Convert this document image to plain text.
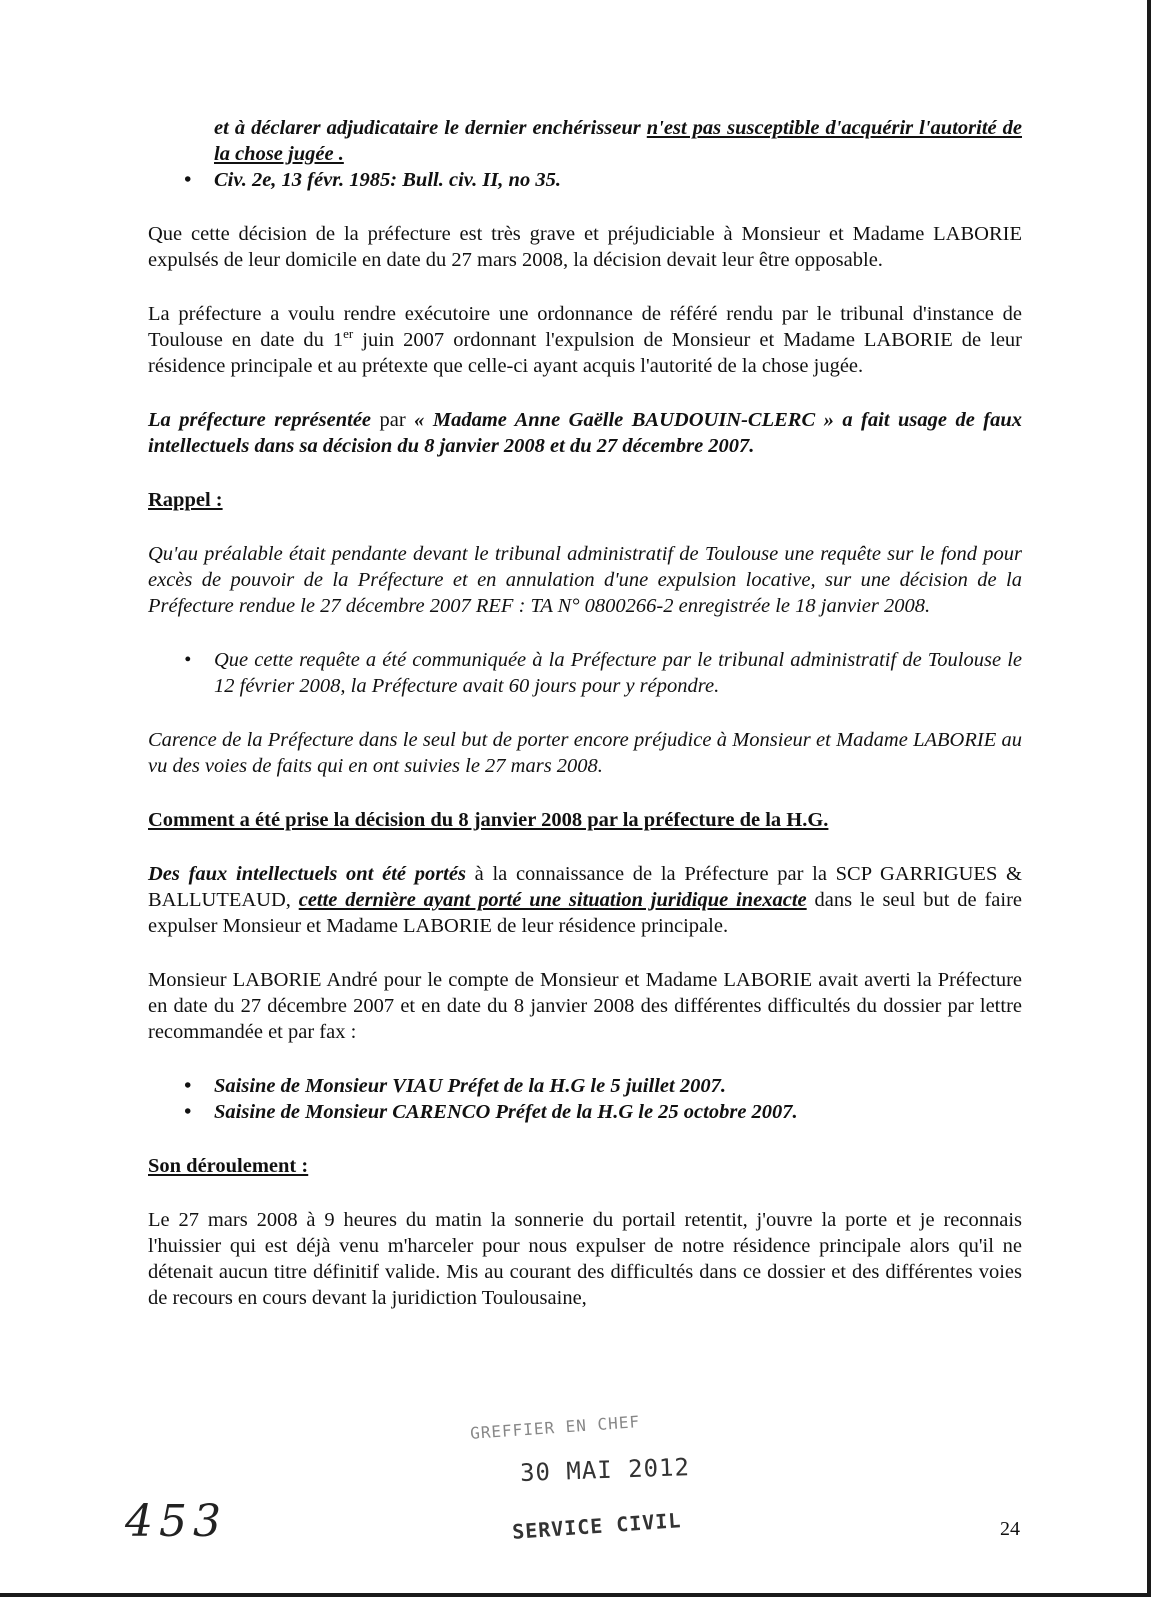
et à déclarer adjudicataire le dernier enchérisseur n'est pas susceptible d'acquérir l'autorité de la chose jugée .

• Civ. 2e, 13 févr. 1985: Bull. civ. II, no 35.

Que cette décision de la préfecture est très grave et préjudiciable à Monsieur et Madame LABORIE expulsés de leur domicile en date du 27 mars 2008, la décision devait leur être opposable.

La préfecture a voulu rendre exécutoire une ordonnance de référé rendu par le tribunal d'instance de Toulouse en date du 1er juin 2007 ordonnant l'expulsion de Monsieur et Madame LABORIE de leur résidence principale et au prétexte que celle-ci ayant acquis l'autorité de la chose jugée.

La préfecture représentée par « Madame Anne Gaëlle BAUDOUIN-CLERC » a fait usage de faux intellectuels dans sa décision du 8 janvier 2008 et du 27 décembre 2007.

Rappel :

Qu'au préalable était pendante devant le tribunal administratif de Toulouse une requête sur le fond pour excès de pouvoir de la Préfecture et en annulation d'une expulsion locative, sur une décision de la Préfecture rendue le 27 décembre 2007 REF : TA N° 0800266-2 enregistrée le 18 janvier 2008.

• Que cette requête a été communiquée à la Préfecture par le tribunal administratif de Toulouse le 12 février 2008, la Préfecture avait 60 jours pour y répondre.

Carence de la Préfecture dans le seul but de porter encore préjudice à Monsieur et Madame LABORIE au vu des voies de faits qui en ont suivies le 27 mars 2008.

Comment a été prise la décision du 8 janvier 2008 par la préfecture de la H.G.

Des faux intellectuels ont été portés à la connaissance de la Préfecture par la SCP GARRIGUES & BALLUTEAUD, cette dernière ayant porté une situation juridique inexacte dans le seul but de faire expulser Monsieur et Madame LABORIE de leur résidence principale.

Monsieur LABORIE André pour le compte de Monsieur et Madame LABORIE avait averti la Préfecture en date du 27 décembre 2007 et en date du 8 janvier 2008 des différentes difficultés du dossier par lettre recommandée et par fax :

• Saisine de Monsieur VIAU Préfet de la H.G le 5 juillet 2007.
• Saisine de Monsieur CARENCO Préfet de la H.G le 25 octobre 2007.

Son déroulement :

Le 27 mars 2008 à 9 heures du matin la sonnerie du portail retentit, j'ouvre la porte et je reconnais l'huissier qui est déjà venu m'harceler pour nous expulser de notre résidence principale alors qu'il ne détenait aucun titre définitif valide. Mis au courant des difficultés dans ce dossier et des différentes voies de recours en cours devant la juridiction Toulousaine,

GREFFIER EN CHEF
30 MAI 2012
SERVICE CIVIL
453	24
